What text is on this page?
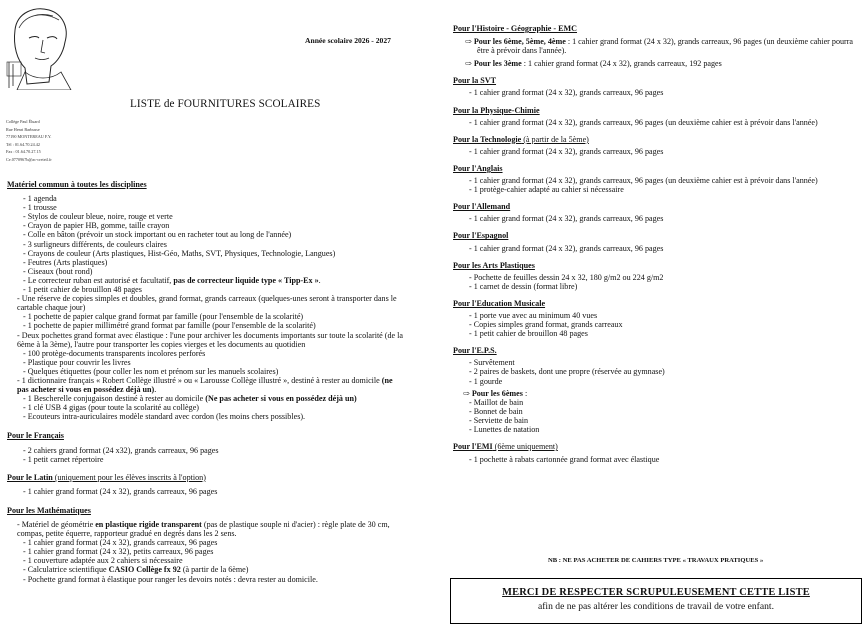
Collège Paul Éluard
Rue Henri Barbusse
77190 MONTEREAU F.Y.
Tél : 01.64.70.24.42
Fax : 01.64.70.27.15
Ce.0770967b@ac-creteil.fr
Année scolaire 2026 - 2027
LISTE de FOURNITURES SCOLAIRES

Matériel commun à toutes les disciplines

- 1 agenda

- 1 trousse

- Stylos de couleur bleue, noire, rouge et verte

- Crayon de papier HB, gomme, taille crayon

- Colle en bâton (prévoir un stock important ou en racheter tout au long de l'année)

- 3 surligneurs différents, de couleurs claires

- Crayons de couleur (Arts plastiques, Hist-Géo, Maths, SVT, Physiques, Technologie, Langues)

- Feutres (Arts plastiques)

- Ciseaux (bout rond)

- Le correcteur ruban est autorisé et facultatif, pas de correcteur liquide type « Tipp-Ex ».

- 1 petit cahier de brouillon 48 pages

- Une réserve de copies simples et doubles, grand format, grands carreaux (quelques-unes seront à transporter dans le cartable chaque jour)

- 1 pochette de papier calque grand format par famille (pour l'ensemble de la scolarité)

- 1 pochette de papier millimétré grand format par famille (pour l'ensemble de la scolarité)

- Deux pochettes grand format avec élastique : l'une pour archiver les documents importants sur toute la scolarité (de la 6ème à la 3ème), l'autre pour transporter les copies vierges et les documents au quotidien

- 100 protège-documents transparents incolores perforés

- Plastique pour couvrir les livres

- Quelques étiquettes (pour coller les nom et prénom sur les manuels scolaires)

- 1 dictionnaire français « Robert Collège illustré » ou « Larousse Collège illustré », destiné à rester au domicile (ne pas acheter si vous en possédez déjà un).

- 1 Bescherelle conjugaison destiné à rester au domicile (Ne pas acheter si vous en possédez déjà un)

- 1 clé USB 4 gigas (pour toute la scolarité au collège)

- Ecouteurs intra-auriculaires modèle standard avec cordon (les moins chers possibles).

Pour le Français

- 2 cahiers grand format (24 x32), grands carreaux, 96 pages

- 1 petit carnet répertoire

Pour le Latin (uniquement pour les élèves inscrits à l'option)

- 1 cahier grand format (24 x 32), grands carreaux, 96 pages

Pour les Mathématiques

- Matériel de géométrie en plastique rigide transparent (pas de plastique souple ni d'acier) : règle plate de 30 cm, compas, petite équerre, rapporteur gradué en degrés dans les 2 sens.

- 1 cahier grand format (24 x 32), grands carreaux, 96 pages

- 1 cahier grand format (24 x 32), petits carreaux, 96 pages

- 1 couverture adaptée aux 2 cahiers si nécessaire

- Calculatrice scientifique CASIO Collège fx 92 (à partir de la 6ème)

- Pochette grand format à élastique pour ranger les devoirs notés : devra rester au domicile.

Pour l'Histoire - Géographie - EMC

⇨ Pour les 6ème, 5ème, 4ème : 1 cahier grand format (24 x 32), grands carreaux, 96 pages (un deuxième cahier pourra être à prévoir dans l'année).

⇨ Pour les 3ème : 1 cahier grand format (24 x 32), grands carreaux, 192 pages

Pour la SVT

- 1 cahier grand format (24 x 32), grands carreaux, 96 pages

Pour la Physique-Chimie

- 1 cahier grand format (24 x 32), grands carreaux, 96 pages (un deuxième cahier est à prévoir dans l'année)

Pour la Technologie (à partir de la 5ème)

- 1 cahier grand format (24 x 32), grands carreaux, 96 pages

Pour l'Anglais

- 1 cahier grand format (24 x 32), grands carreaux, 96 pages (un deuxième cahier est à prévoir dans l'année)

- 1 protège-cahier adapté au cahier si nécessaire

Pour l'Allemand

- 1 cahier grand format (24 x 32), grands carreaux, 96 pages

Pour l'Espagnol

- 1 cahier grand format (24 x 32), grands carreaux, 96 pages

Pour les Arts Plastiques

- Pochette de feuilles dessin 24 x 32, 180 g/m2 ou 224 g/m2

- 1 carnet de dessin (format libre)

Pour l'Education Musicale

- 1 porte vue avec au minimum 40 vues

- Copies simples grand format, grands carreaux

- 1 petit cahier de brouillon 48 pages

Pour l'E.P.S.

- Survêtement

- 2 paires de baskets, dont une propre (réservée au gymnase)

- 1 gourde

⇨ Pour les 6èmes :

- Maillot de bain

- Bonnet de bain

- Serviette de bain

- Lunettes de natation

Pour l'EMI (6ème uniquement)

- 1 pochette à rabats cartonnée grand format avec élastique

NB : NE PAS ACHETER DE CAHIERS TYPE « TRAVAUX PRATIQUES »
MERCI DE RESPECTER SCRUPULEUSEMENT CETTE LISTE
afin de ne pas altérer les conditions de travail de votre enfant.
